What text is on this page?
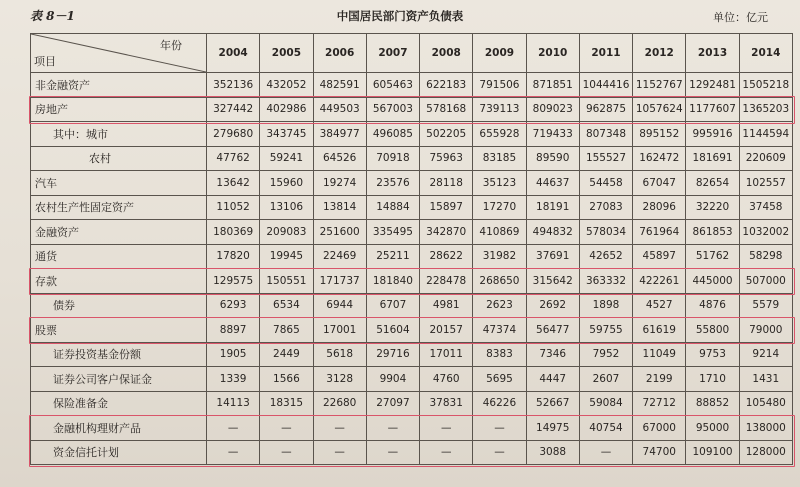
表 8－1	中国居民部门资产负债表	单位：亿元
年份
项目	2004	2005	2006	2007	2008	2009	2010	2011	2012	2013	2014
非金融资产	352136	432052	482591	605463	622183	791506	871851	1044416	1152767	1292481	1505218
房地产	327442	402986	449503	567003	578168	739113	809023	962875	1057624	1177607	1365203
其中：城市	279680	343745	384977	496085	502205	655928	719433	807348	895152	995916	1144594
农村	47762	59241	64526	70918	75963	83185	89590	155527	162472	181691	220609
汽车	13642	15960	19274	23576	28118	35123	44637	54458	67047	82654	102557
农村生产性固定资产	11052	13106	13814	14884	15897	17270	18191	27083	28096	32220	37458
金融资产	180369	209083	251600	335495	342870	410869	494832	578034	761964	861853	1032002
通货	17820	19945	22469	25211	28622	31982	37691	42652	45897	51762	58298
存款	129575	150551	171737	181840	228478	268650	315642	363332	422261	445000	507000
债券	6293	6534	6944	6707	4981	2623	2692	1898	4527	4876	5579
股票	8897	7865	17001	51604	20157	47374	56477	59755	61619	55800	79000
证券投资基金份额	1905	2449	5618	29716	17011	8383	7346	7952	11049	9753	9214
证券公司客户保证金	1339	1566	3128	9904	4760	5695	4447	2607	2199	1710	1431
保险准备金	14113	18315	22680	27097	37831	46226	52667	59084	72712	88852	105480
金融机构理财产品	—	—	—	—	—	—	14975	40754	67000	95000	138000
资金信托计划	—	—	—	—	—	—	3088	—	74700	109100	128000
